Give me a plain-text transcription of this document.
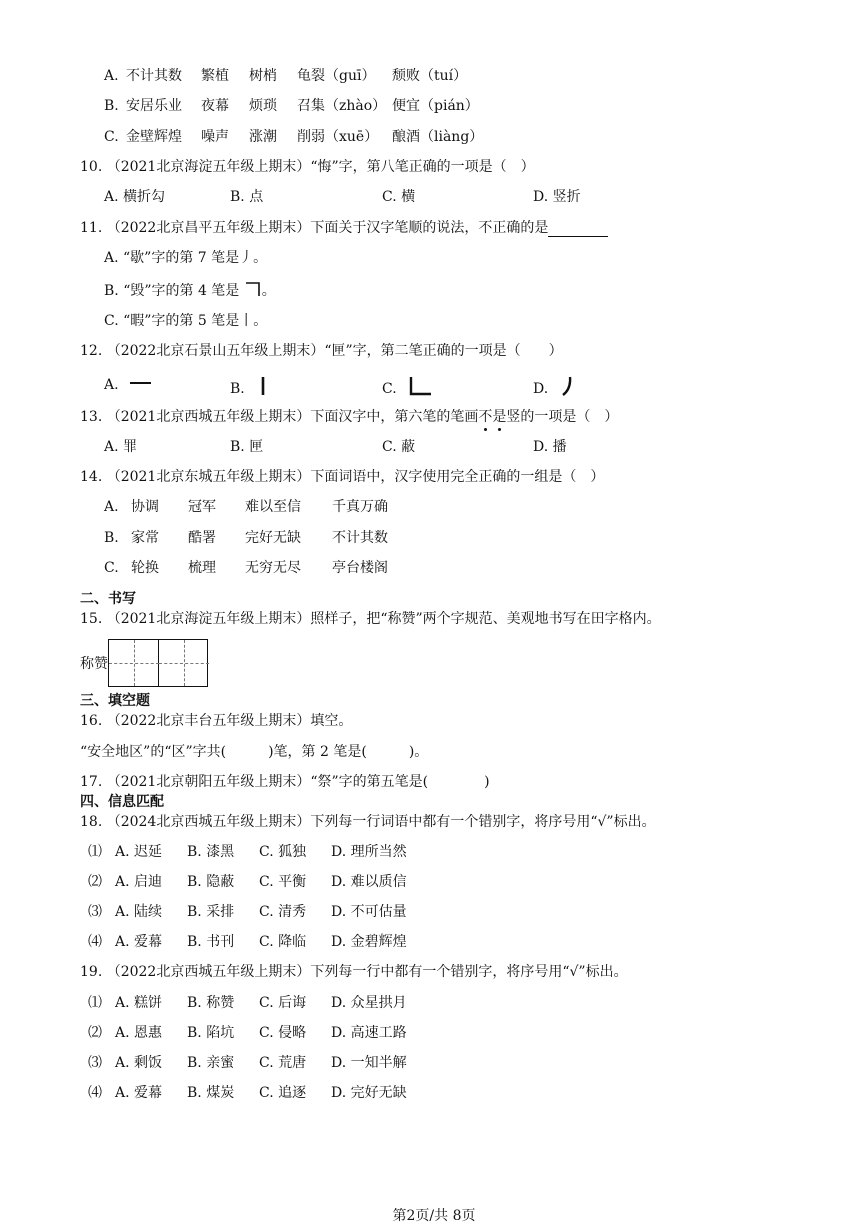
A. 不计其数 繁植 树梢 龟裂（guī） 颓败（tuí）
B. 安居乐业 夜幕 烦琐 召集（zhào） 便宜（pián）
C. 金壁辉煌 噪声 涨潮 削弱（xuē） 酿酒（liàng）
10. （2021北京海淀五年级上期末）“悔”字，第八笔正确的一项是（　）
A. 横折勾	B. 点	C. 横	D. 竖折
11. （2022北京昌平五年级上期末）下面关于汉字笔顺的说法，不正确的是
A. “歇”字的第 7 笔是丿。
B. “毁”字的第 4 笔是 。
C. “暇”字的第 5 笔是丨。
12. （2022北京石景山五年级上期末）“匣”字，第二笔正确的一项是（　　）
A.	B.	C.	D.
13. （2021北京西城五年级上期末）下面汉字中，第六笔的笔画不是竖的一项是（　）
A. 罪	B. 匣	C. 蔽	D. 播
14. （2021北京东城五年级上期末）下面词语中，汉字使用完全正确的一组是（　）
A. 协调 冠军 难以至信 千真万确
B. 家常 酷署 完好无缺 不计其数
C. 轮换 梳理 无穷无尽 亭台楼阁
二、书写
15. （2021北京海淀五年级上期末）照样子，把“称赞”两个字规范、美观地书写在田字格内。
称赞
三、填空题
16. （2022北京丰台五年级上期末）填空。
“安全地区”的“区”字共(　　　)笔，第 2 笔是(　　　)。
17. （2021北京朝阳五年级上期末）“祭”字的第五笔是(　　　　)
四、信息匹配
18. （2024北京西城五年级上期末）下列每一行词语中都有一个错别字，将序号用“√”标出。
⑴ A. 迟延 B. 漆黑 C. 狐独 D. 理所当然
⑵ A. 启迪 B. 隐蔽 C. 平衡 D. 难以质信
⑶ A. 陆续 B. 采排 C. 清秀 D. 不可估量
⑷ A. 爱幕 B. 书刊 C. 降临 D. 金碧辉煌
19. （2022北京西城五年级上期末）下列每一行中都有一个错别字，将序号用“√”标出。
⑴ A. 糕饼 B. 称赞 C. 后诲 D. 众星拱月
⑵ A. 恩惠 B. 陷坑 C. 侵略 D. 高速工路
⑶ A. 剩饭 B. 亲蜜 C. 荒唐 D. 一知半解
⑷ A. 爱幕 B. 煤炭 C. 追逐 D. 完好无缺
第2页/共 8页
